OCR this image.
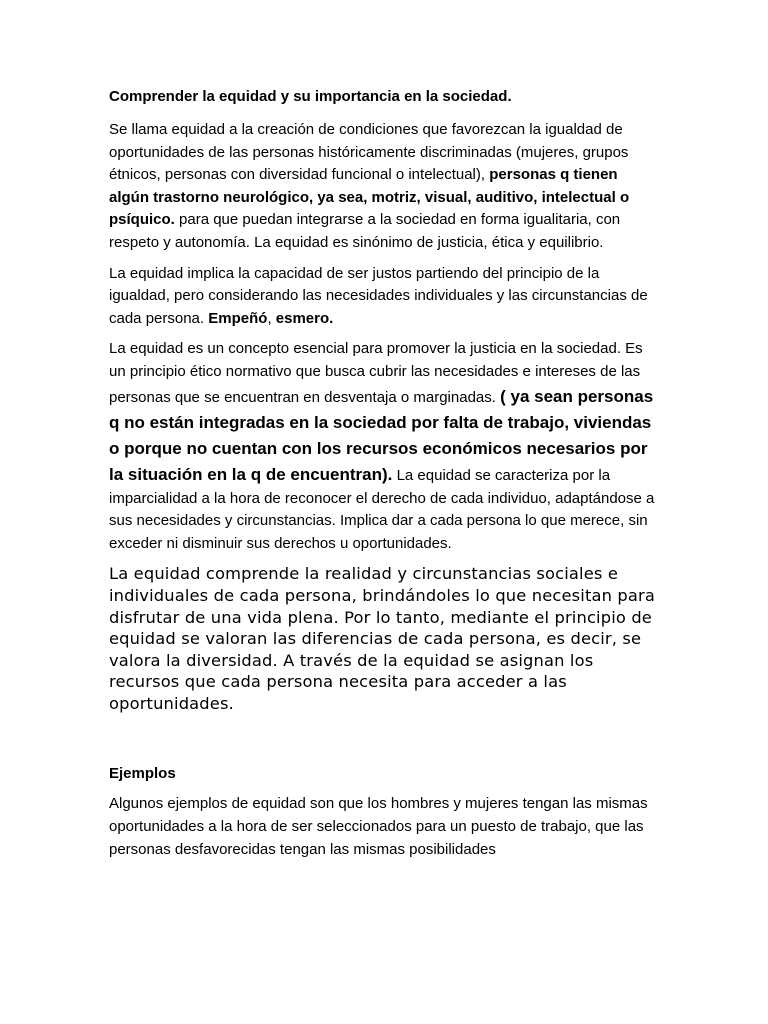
Comprender la equidad y su importancia en la sociedad.

Se llama equidad a la creación de condiciones que favorezcan la igualdad de oportunidades de las personas históricamente discriminadas (mujeres, grupos étnicos, personas con diversidad funcional o intelectual), personas q tienen algún trastorno neurológico, ya sea, motriz, visual, auditivo, intelectual o psíquico. para que puedan integrarse a la sociedad en forma igualitaria, con respeto y autonomía. La equidad es sinónimo de justicia, ética y equilibrio.

La equidad implica la capacidad de ser justos partiendo del principio de la igualdad, pero considerando las necesidades individuales y las circunstancias de cada persona. Empeñó, esmero.

La equidad es un concepto esencial para promover la justicia en la sociedad. Es un principio ético normativo que busca cubrir las necesidades e intereses de las personas que se encuentran en desventaja o marginadas. ( ya sean personas q no están integradas en la sociedad por falta de trabajo, viviendas o porque no cuentan con los recursos económicos necesarios por la situación en la q de encuentran). La equidad se caracteriza por la imparcialidad a la hora de reconocer el derecho de cada individuo, adaptándose a sus necesidades y circunstancias. Implica dar a cada persona lo que merece, sin exceder ni disminuir sus derechos u oportunidades.

La equidad comprende la realidad y circunstancias sociales e individuales de cada persona, brindándoles lo que necesitan para disfrutar de una vida plena. Por lo tanto, mediante el principio de equidad se valoran las diferencias de cada persona, es decir, se valora la diversidad. A través de la equidad se asignan los recursos que cada persona necesita para acceder a las oportunidades.

Ejemplos

Algunos ejemplos de equidad son que los hombres y mujeres tengan las mismas oportunidades a la hora de ser seleccionados para un puesto de trabajo, que las personas desfavorecidas tengan las mismas posibilidades
